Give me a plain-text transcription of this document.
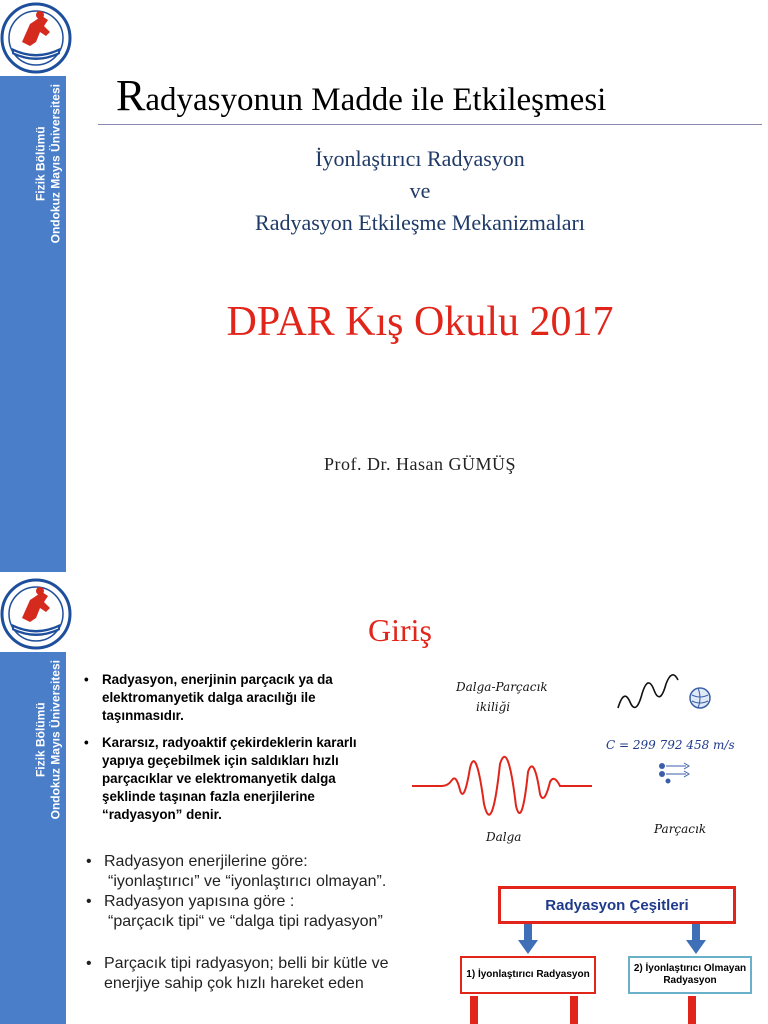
Fizik Bölümü Ondokuz Mayıs Üniversitesi Radyasyonun Madde ile Etkileşmesi
İyonlaştırıcı Radyasyon
ve
Radyasyon Etkileşme Mekanizmaları
DPAR Kış Okulu 2017
Prof. Dr. Hasan GÜMÜŞ
Fizik Bölümü Ondokuz Mayıs Üniversitesi
Giriş
• Radyasyon, enerjinin parçacık ya da elektromanyetik dalga aracılığı ile taşınmasıdır.
• Kararsız, radyoaktif çekirdeklerin kararlı yapıya geçebilmek için saldıkları hızlı parçacıklar ve elektromanyetik dalga şeklinde taşınan fazla enerjilerine “radyasyon” denir.
• Radyasyon enerjilerine göre:
“iyonlaştırıcı” ve “iyonlaştırıcı olmayan”.
• Radyasyon yapısına göre :
“parçacık tipi“ ve “dalga tipi radyasyon”
• Parçacık tipi radyasyon; belli bir kütle ve enerjiye sahip çok hızlı hareket eden
Dalga-Parçacık
ikiliği
C = 299 792 458 m/s
Dalga
Parçacık
Radyasyon Çeşitleri
1) İyonlaştırıcı Radyasyon
2) İyonlaştırıcı Olmayan Radyasyon
